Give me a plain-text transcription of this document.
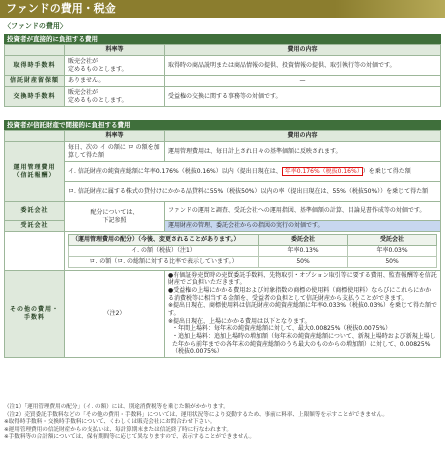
ファンドの費用・税金
〈ファンドの費用〉
投資者が直接的に負担する費用
	料率等	費用の内容
取得時手数料	販売会社が
定めるものとします。	取得時の商品説明または商品情報の提供、投資情報の提供、取引執行等の対価です。
信託財産留保額	ありません。	—
交換時手数料	販売会社が
定めるものとします。	受益権の交換に関する事務等の対価です。
投資者が信託財産で間接的に負担する費用
	料率等	費用の内容
運用管理費用
（信託報酬）	毎日、次の イ の額に ロ の額を加算して得た額	運用管理費用は、毎日計上され日々の基準価額に反映されます。
イ. 信託財産の純資産総額に年率0.176%（税抜0.16%）以内（提出日現在は、 年率0.176%（税抜0.16%） ）を乗じて得た額
ロ. 信託財産に属する株式の貸付けにかかる品貸料に55%（税抜50%）以内の率（提出日現在は、55%（税抜50%））を乗じて得た額
委託会社	配分については、
下記参照	ファンドの運用と調査、受託会社への運用指図、基準価額の計算、目論見書作成等の対価です。
受託会社	運用財産の管理、委託会社からの指図の実行の対価です。

（運用管理費用の配分）（今後、変更されることがあります。）	委託会社	受託会社
イ. の額（税抜）（注1）	年率0.13%	年率0.03%
ロ. の額（ロ. の総額に対する比率で表示しています。）	50%	50%

その他の費用・
手数料	（注2）	
●有価証券売買時の売買委託手数料、先物取引・オプション取引等に要する費用、監査報酬等を信託財産でご負担いただきます。
●受益権の上場にかかる費用および対象指数の商標の使用料（商標使用料）ならびにこれらにかかる消費税等に相当する金額を、受益者の負担として信託財産から支払うことができます。
※提出日現在、商標使用料は信託財産の純資産総額に年率0.033%（税抜0.03%）を乗じて得た額です。
※提出日現在、上場にかかる費用は以下となります。
・年間上場料：毎年末の純資産総額に対して、最大0.00825%（税抜0.0075%）
・追加上場料：追加上場時の増加額（毎年末の純資産総額について、新規上場時および新規上場した年から前年までの各年末の純資産総額のうち最大のものからの増加額）に対して、0.00825%（税抜0.0075%）
（注1）「運用管理費用の配分」（イ. の額）には、別途消費税等を乗じた額がかかります。
（注2）売買委託手数料などの「その他の費用・手数料」については、運用状況等により変動するため、事前に料率、上限額等を示すことができません。
※取得時手数料・交換時手数料について、くわしくは販売会社にお問合わせ下さい。
※運用管理費用の信託財産からの支払いは、毎計算期末または信託終了時に行なわれます。
※手数料等の合計額については、保有期間等に応じて異なりますので、表示することができません。
